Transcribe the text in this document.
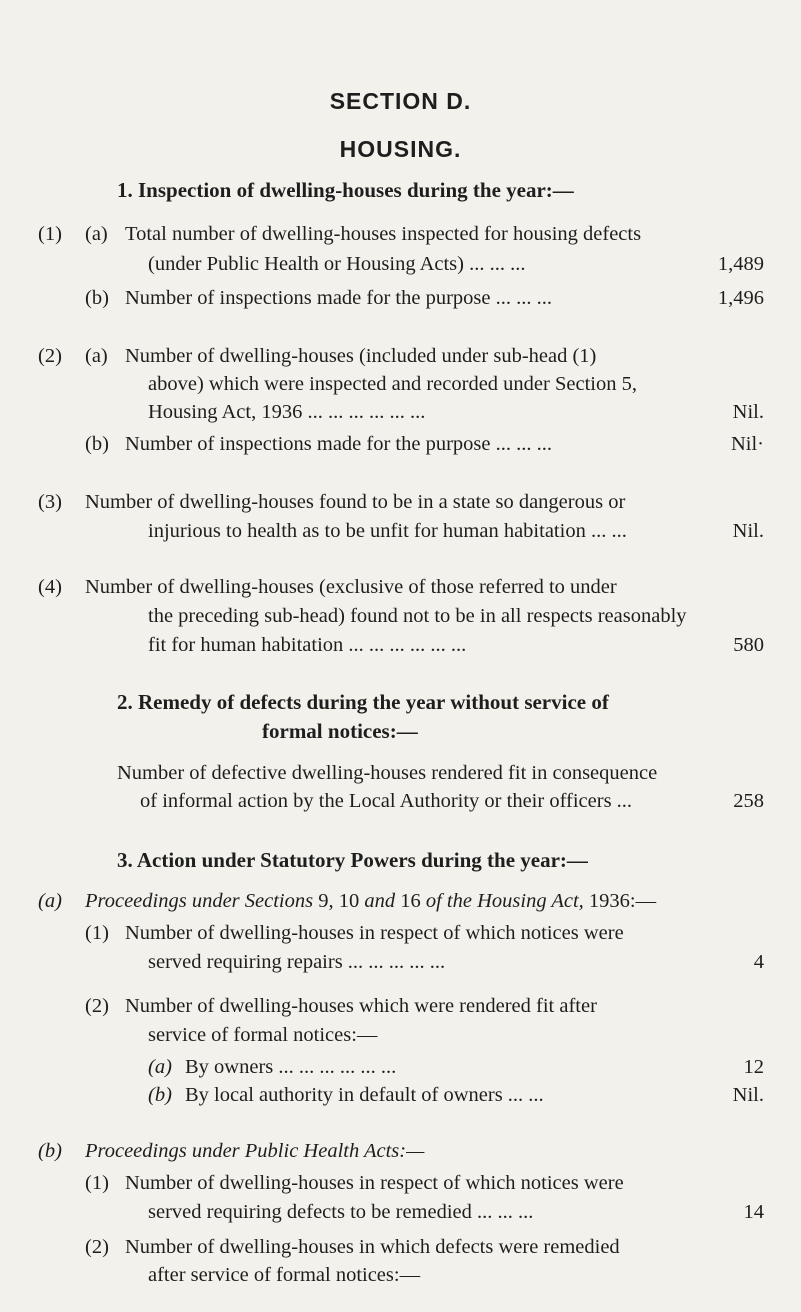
SECTION D.
HOUSING.
1. Inspection of dwelling-houses during the year:—
(1) (a) Total number of dwelling-houses inspected for housing defects
(under Public Health or Housing Acts) ... ... ...	1,489
(b) Number of inspections made for the purpose ... ... ...	1,496
(2) (a) Number of dwelling-houses (included under sub-head (1)
above) which were inspected and recorded under Section 5,
Housing Act, 1936 ... ... ... ... ... ...	Nil.
(b) Number of inspections made for the purpose ... ... ...	Nil·
(3) Number of dwelling-houses found to be in a state so dangerous or
injurious to health as to be unfit for human habitation ... ...	Nil.
(4) Number of dwelling-houses (exclusive of those referred to under
the preceding sub-head) found not to be in all respects reasonably
fit for human habitation ... ... ... ... ... ...	580
2. Remedy of defects during the year without service of
formal notices:—
Number of defective dwelling-houses rendered fit in consequence
of informal action by the Local Authority or their officers ...	258
3. Action under Statutory Powers during the year:—
(a) Proceedings under Sections 9, 10 and 16 of the Housing Act, 1936:—
(1) Number of dwelling-houses in respect of which notices were
served requiring repairs ... ... ... ... ...	4
(2) Number of dwelling-houses which were rendered fit after
service of formal notices:—
(a) By owners ... ... ... ... ... ...	12
(b) By local authority in default of owners ... ...	Nil.
(b) Proceedings under Public Health Acts:—
(1) Number of dwelling-houses in respect of which notices were
served requiring defects to be remedied ... ... ...	14
(2) Number of dwelling-houses in which defects were remedied
after service of formal notices:—
